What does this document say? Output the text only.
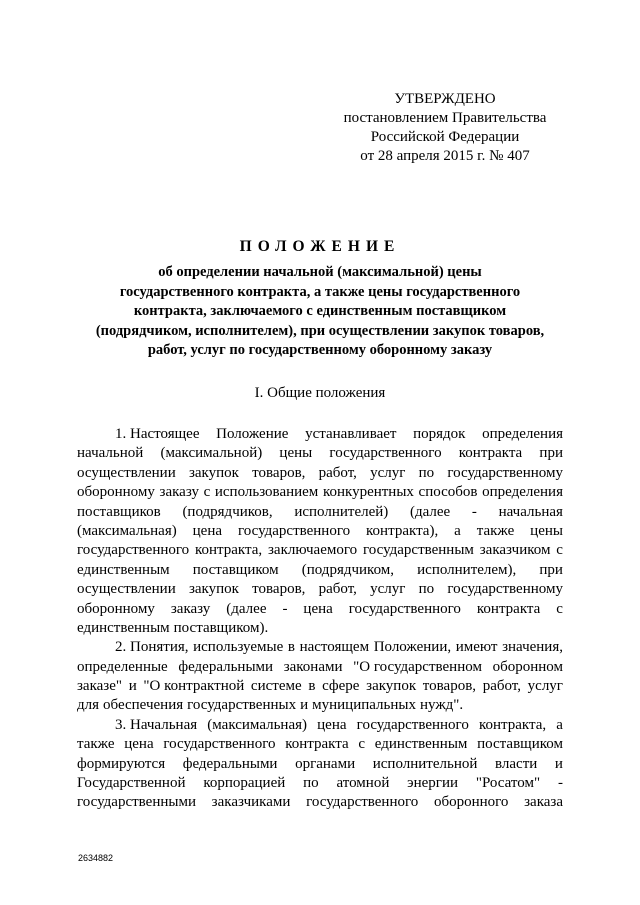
УТВЕРЖДЕНО
постановлением Правительства
Российской Федерации
от 28 апреля 2015 г. № 407
ПОЛОЖЕНИЕ
об определении начальной (максимальной) цены
государственного контракта, а также цены государственного
контракта, заключаемого с единственным поставщиком
(подрядчиком, исполнителем), при осуществлении закупок товаров,
работ, услуг по государственному оборонному заказу
I. Общие положения
1. Настоящее Положение устанавливает порядок определения
начальной (максимальной) цены государственного контракта при
осуществлении закупок товаров, работ, услуг по государственному
оборонному заказу с использованием конкурентных способов определения
поставщиков (подрядчиков, исполнителей) (далее - начальная
(максимальная) цена государственного контракта), а также цены
государственного контракта, заключаемого государственным заказчиком с
единственным поставщиком (подрядчиком, исполнителем), при
осуществлении закупок товаров, работ, услуг по государственному
оборонному заказу (далее - цена государственного контракта с
единственным поставщиком).
2. Понятия, используемые в настоящем Положении, имеют значения,
определенные федеральными законами "О государственном оборонном
заказе" и "О контрактной системе в сфере закупок товаров, работ, услуг
для обеспечения государственных и муниципальных нужд".
3. Начальная (максимальная) цена государственного контракта, а
также цена государственного контракта с единственным поставщиком
формируются федеральными органами исполнительной власти и
Государственной корпорацией по атомной энергии "Росатом" -
государственными заказчиками государственного оборонного заказа
2634882
